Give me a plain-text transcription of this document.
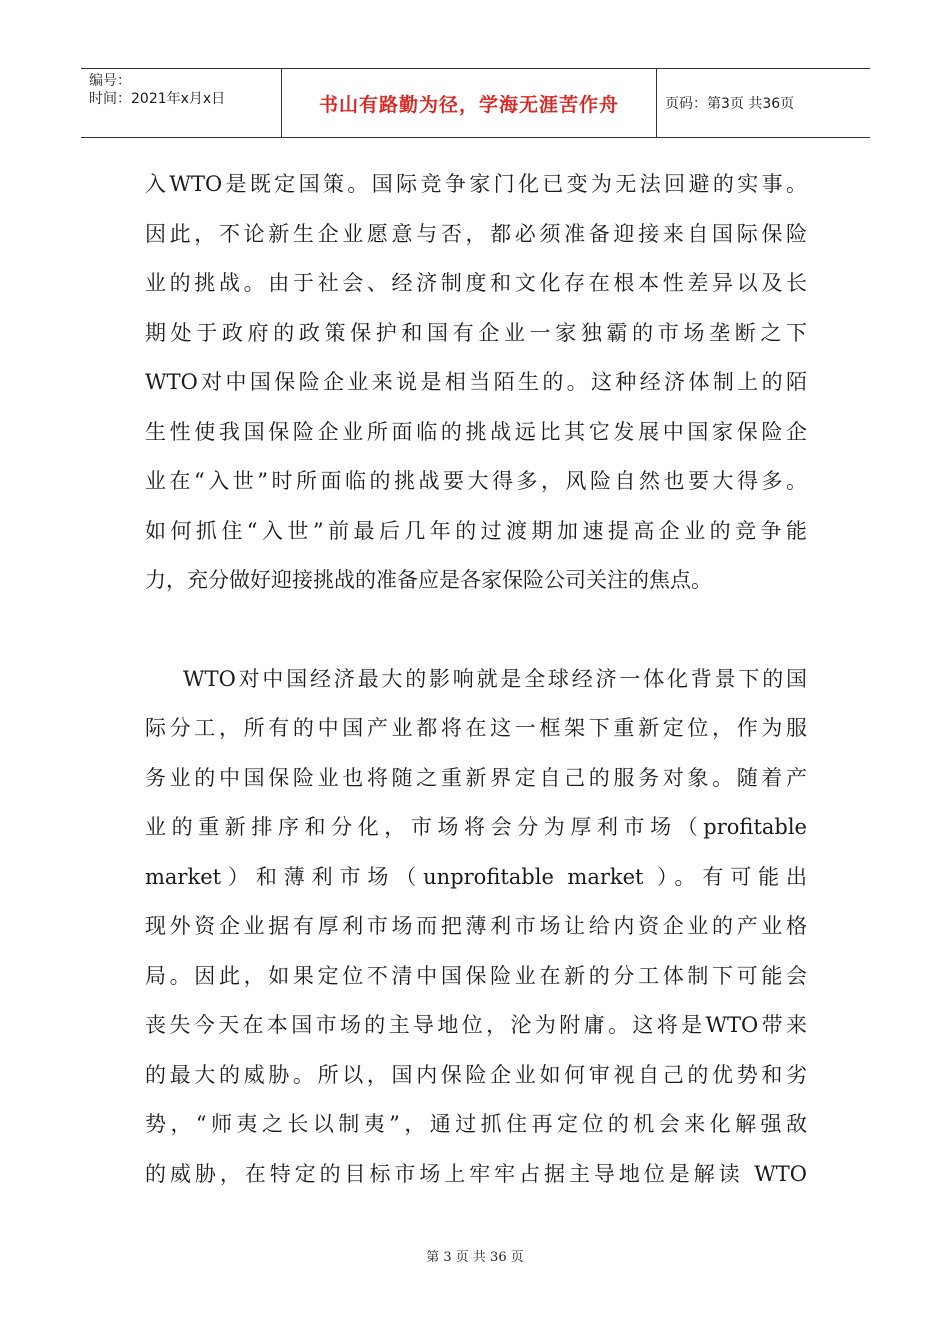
编号：
时间：2021年x月x日	书山有路勤为径，学海无涯苦作舟	页码：第3页 共36页
入WTO是既定国策。国际竞争家门化已变为无法回避的实事。
因此，不论新生企业愿意与否，都必须准备迎接来自国际保险
业的挑战。由于社会、经济制度和文化存在根本性差异以及长
期处于政府的政策保护和国有企业一家独霸的市场垄断之下
WTO对中国保险企业来说是相当陌生的。这种经济体制上的陌
生性使我国保险企业所面临的挑战远比其它发展中国家保险企
业在“入世”时所面临的挑战要大得多，风险自然也要大得多。
如何抓住“入世”前最后几年的过渡期加速提高企业的竞争能
力，充分做好迎接挑战的准备应是各家保险公司关注的焦点。
WTO对中国经济最大的影响就是全球经济一体化背景下的国
际分工，所有的中国产业都将在这一框架下重新定位，作为服
务业的中国保险业也将随之重新界定自己的服务对象。随着产
业的重新排序和分化，市场将会分为厚利市场（profitable
market）和薄利市场（unprofitable market ）。有可能出
现外资企业据有厚利市场而把薄利市场让给内资企业的产业格
局。因此，如果定位不清中国保险业在新的分工体制下可能会
丧失今天在本国市场的主导地位，沦为附庸。这将是WTO带来
的最大的威胁。所以，国内保险企业如何审视自己的优势和劣
势，“师夷之长以制夷”，通过抓住再定位的机会来化解强敌
的威胁，在特定的目标市场上牢牢占据主导地位是解读 WTO
第 3 页 共 36 页
